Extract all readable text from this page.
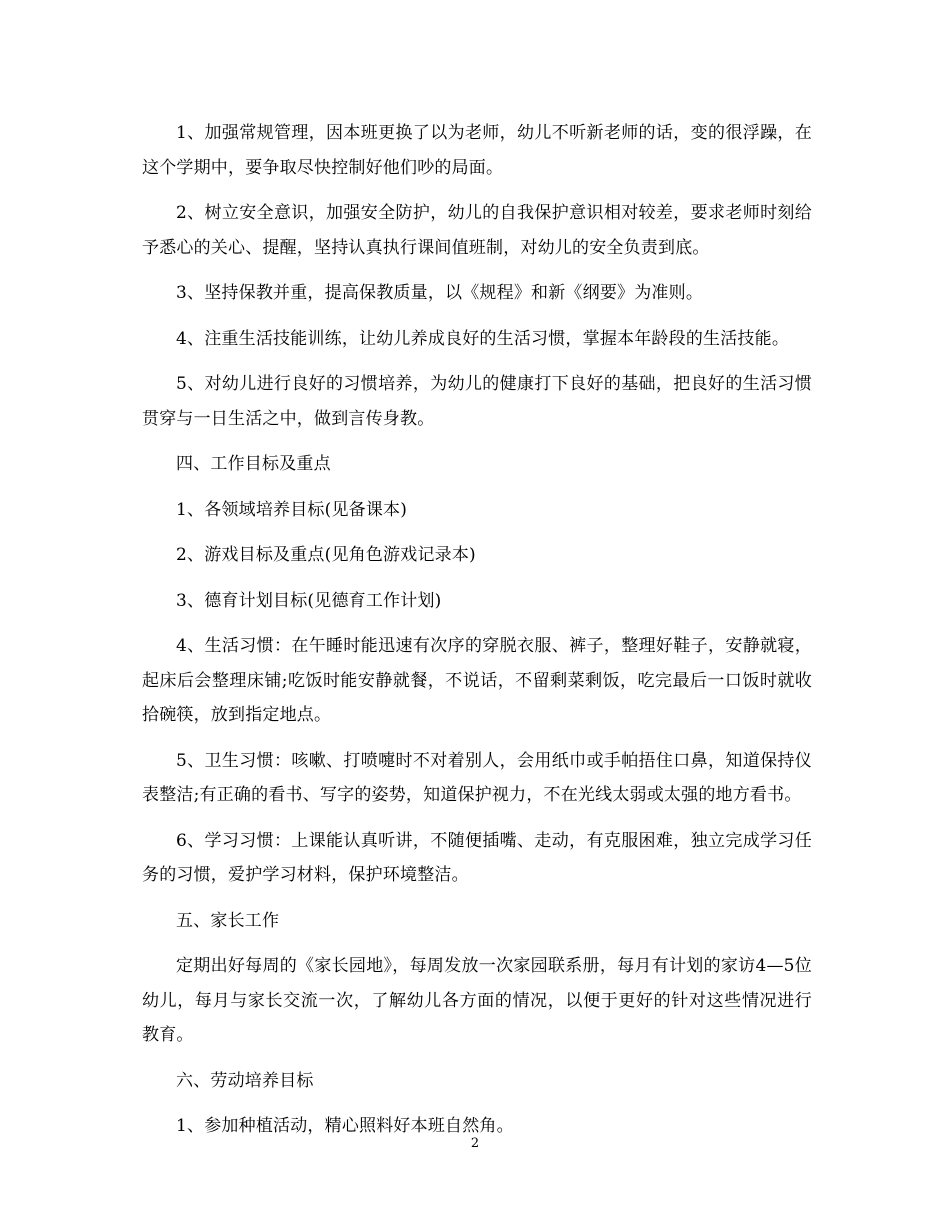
1、加强常规管理，因本班更换了以为老师，幼儿不听新老师的话，变的很浮躁，在这个学期中，要争取尽快控制好他们吵的局面。

2、树立安全意识，加强安全防护，幼儿的自我保护意识相对较差，要求老师时刻给予悉心的关心、提醒，坚持认真执行课间值班制，对幼儿的安全负责到底。

3、坚持保教并重，提高保教质量，以《规程》和新《纲要》为准则。

4、注重生活技能训练，让幼儿养成良好的生活习惯，掌握本年龄段的生活技能。

5、对幼儿进行良好的习惯培养，为幼儿的健康打下良好的基础，把良好的生活习惯贯穿与一日生活之中，做到言传身教。

四、工作目标及重点

1、各领域培养目标(见备课本)

2、游戏目标及重点(见角色游戏记录本)

3、德育计划目标(见德育工作计划)

4、生活习惯：在午睡时能迅速有次序的穿脱衣服、裤子，整理好鞋子，安静就寝，起床后会整理床铺;吃饭时能安静就餐，不说话，不留剩菜剩饭，吃完最后一口饭时就收拾碗筷，放到指定地点。

5、卫生习惯：咳嗽、打喷嚏时不对着别人，会用纸巾或手帕捂住口鼻，知道保持仪表整洁;有正确的看书、写字的姿势，知道保护视力，不在光线太弱或太强的地方看书。

6、学习习惯：上课能认真听讲，不随便插嘴、走动，有克服困难，独立完成学习任务的习惯，爱护学习材料，保护环境整洁。

五、家长工作

定期出好每周的《家长园地》，每周发放一次家园联系册，每月有计划的家访4—5位幼儿，每月与家长交流一次，了解幼儿各方面的情况，以便于更好的针对这些情况进行教育。

六、劳动培养目标

1、参加种植活动，精心照料好本班自然角。

2
